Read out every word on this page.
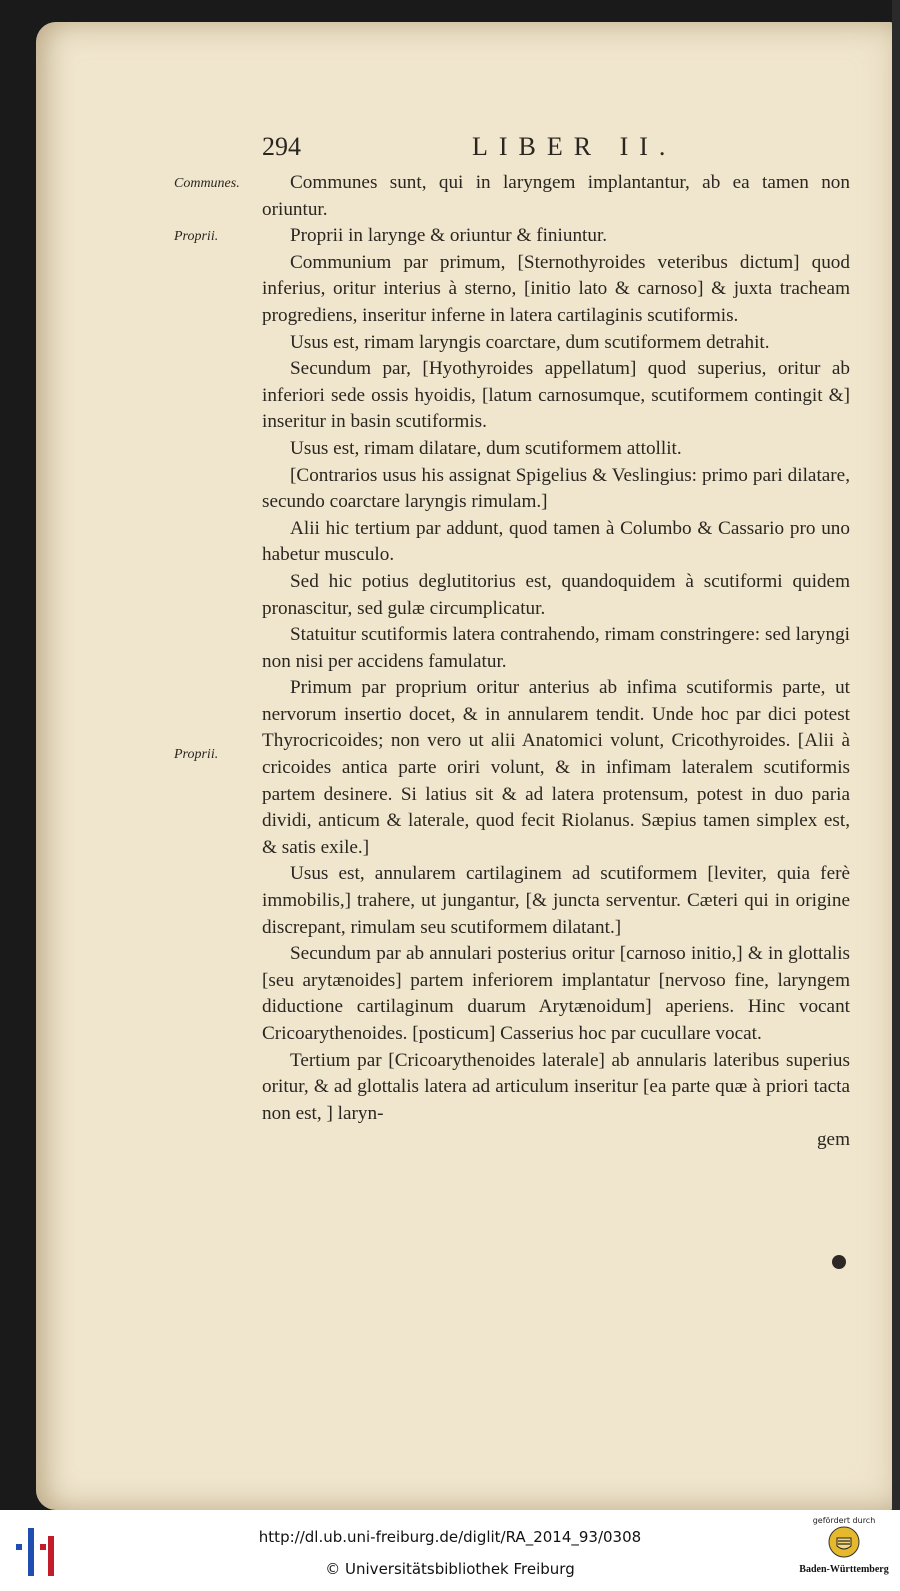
294	LIBER II.
Communes.
Proprii.
Proprii.

Communes sunt, qui in laryngem implantantur, ab ea tamen non oriuntur.

Proprii in larynge & oriuntur & finiuntur.

Communium par primum, [Sternothyroides veteribus dictum] quod inferius, oritur interius à sterno, [initio lato & carnoso] & juxta tracheam progrediens, inseritur inferne in latera cartilaginis scutiformis.

Usus est, rimam laryngis coarctare, dum scutiformem detrahit.

Secundum par, [Hyothyroides appellatum] quod superius, oritur ab inferiori sede ossis hyoidis, [latum carnosumque, scutiformem contingit &] inseritur in basin scutiformis.

Usus est, rimam dilatare, dum scutiformem attollit.

[Contrarios usus his assignat Spigelius & Veslingius: primo pari dilatare, secundo coarctare laryngis rimulam.]

Alii hic tertium par addunt, quod tamen à Columbo & Cassario pro uno habetur musculo.

Sed hic potius deglutitorius est, quandoquidem à scutiformi quidem pronascitur, sed gulæ circumplicatur.

Statuitur scutiformis latera contrahendo, rimam constringere: sed laryngi non nisi per accidens famulatur.

Primum par proprium oritur anterius ab infima scutiformis parte, ut nervorum insertio docet, & in annularem tendit. Unde hoc par dici potest Thyrocricoides; non vero ut alii Anatomici volunt, Cricothyroides. [Alii à cricoides antica parte oriri volunt, & in infimam lateralem scutiformis partem desinere. Si latius sit & ad latera protensum, potest in duo paria dividi, anticum & laterale, quod fecit Riolanus. Sæpius tamen simplex est, & satis exile.]

Usus est, annularem cartilaginem ad scutiformem [leviter, quia ferè immobilis,] trahere, ut jungantur, [& juncta serventur. Cæteri qui in origine discrepant, rimulam seu scutiformem dilatant.]

Secundum par ab annulari posterius oritur [carnoso initio,] & in glottalis [seu arytænoides] partem inferiorem implantatur [nervoso fine, laryngem diductione cartilaginum duarum Arytænoidum] aperiens. Hinc vocant Cricoarythenoides. [posticum] Casserius hoc par cucullare vocat.

Tertium par [Cricoarythenoides laterale] ab annularis lateribus superius oritur, & ad glottalis latera ad articulum inseritur [ea parte quæ à priori tacta non est, ] laryn-

gem

http://dl.ub.uni-freiburg.de/diglit/RA_2014_93/0308
© Universitätsbibliothek Freiburg
gefördert durch
Baden-Württemberg
